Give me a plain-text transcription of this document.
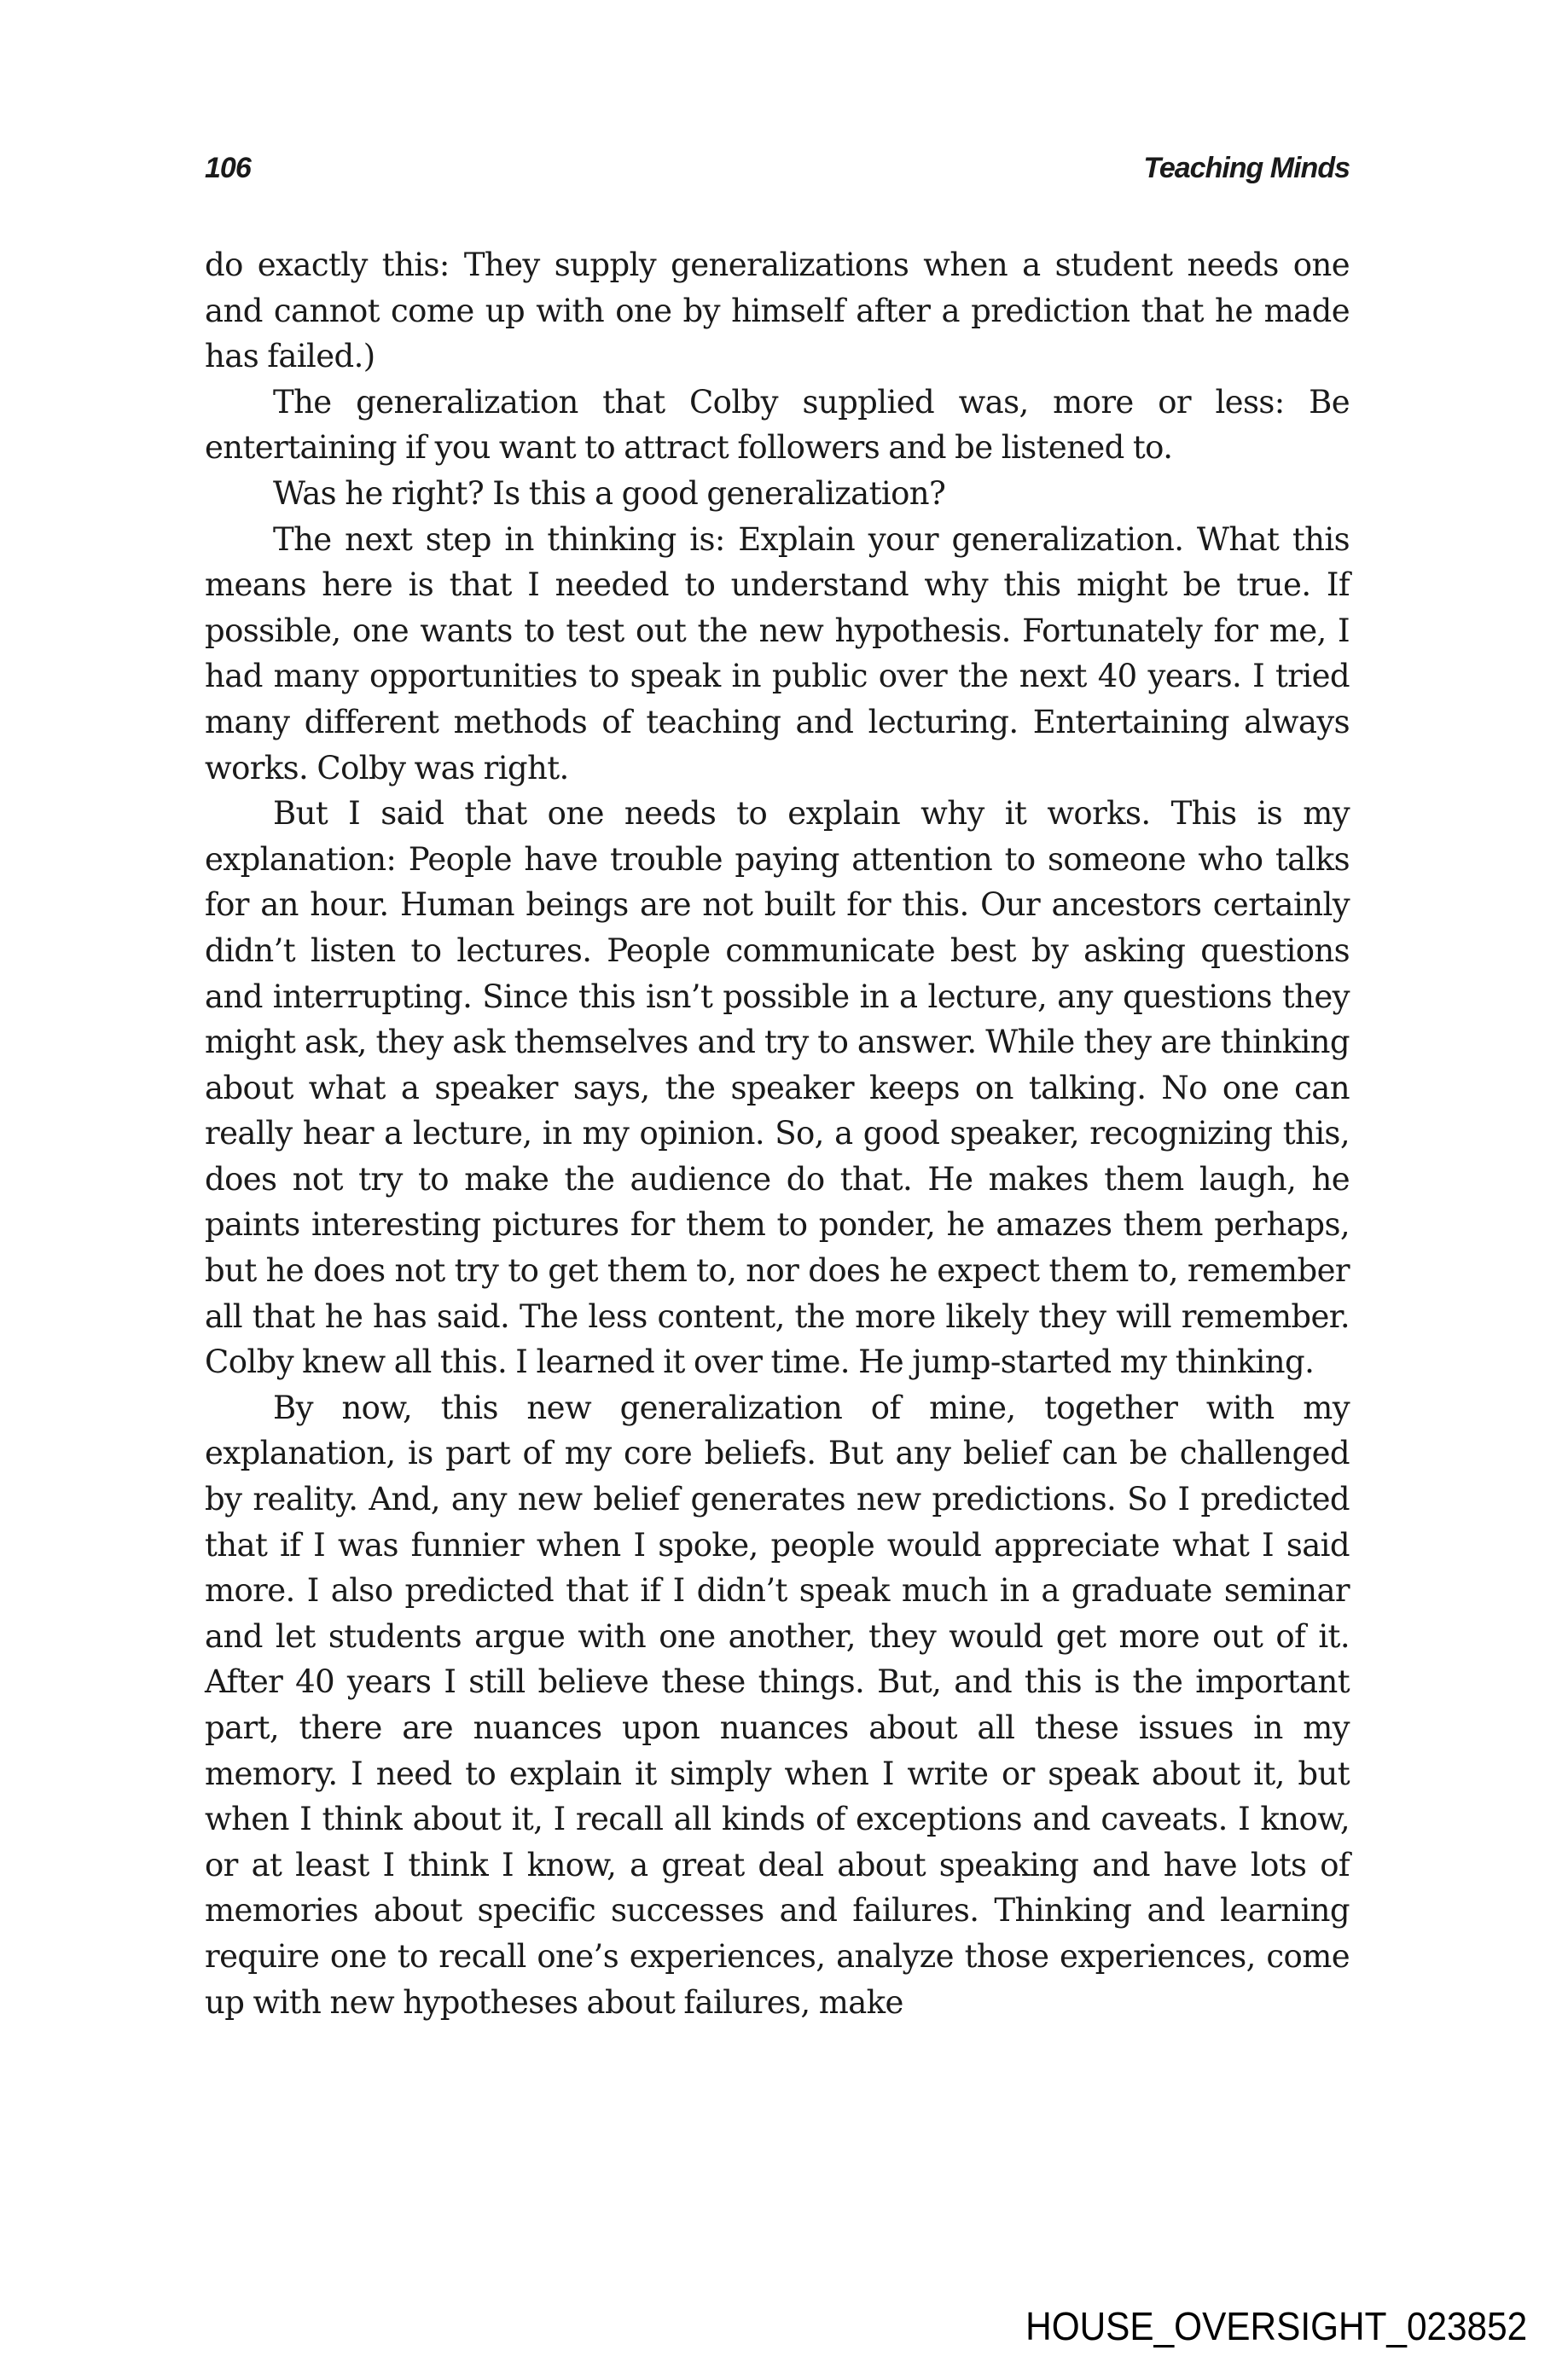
106	Teaching Minds

do exactly this: They supply generalizations when a student needs one and cannot come up with one by himself after a prediction that he made has failed.)

The generalization that Colby supplied was, more or less: Be entertaining if you want to attract followers and be listened to.

Was he right? Is this a good generalization?

The next step in thinking is: Explain your generalization. What this means here is that I needed to understand why this might be true. If possible, one wants to test out the new hypothesis. Fortunately for me, I had many opportunities to speak in public over the next 40 years. I tried many different methods of teaching and lecturing. Entertaining always works. Colby was right.

But I said that one needs to explain why it works. This is my explanation: People have trouble paying attention to someone who talks for an hour. Human beings are not built for this. Our ancestors certainly didn’t listen to lectures. People communicate best by asking questions and interrupting. Since this isn’t possible in a lecture, any questions they might ask, they ask themselves and try to answer. While they are thinking about what a speaker says, the speaker keeps on talking. No one can really hear a lecture, in my opinion. So, a good speaker, recognizing this, does not try to make the audience do that. He makes them laugh, he paints interesting pictures for them to ponder, he amazes them perhaps, but he does not try to get them to, nor does he expect them to, remember all that he has said. The less content, the more likely they will remember. Colby knew all this. I learned it over time. He jump-started my thinking.

By now, this new generalization of mine, together with my explanation, is part of my core beliefs. But any belief can be challenged by reality. And, any new belief generates new predictions. So I predicted that if I was funnier when I spoke, people would appreciate what I said more. I also predicted that if I didn’t speak much in a graduate seminar and let students argue with one another, they would get more out of it. After 40 years I still believe these things. But, and this is the important part, there are nuances upon nuances about all these issues in my memory. I need to explain it simply when I write or speak about it, but when I think about it, I recall all kinds of exceptions and caveats. I know, or at least I think I know, a great deal about speaking and have lots of memories about specific successes and failures. Thinking and learning require one to recall one’s experiences, analyze those experiences, come up with new hypotheses about failures, make

HOUSE_OVERSIGHT_023852
